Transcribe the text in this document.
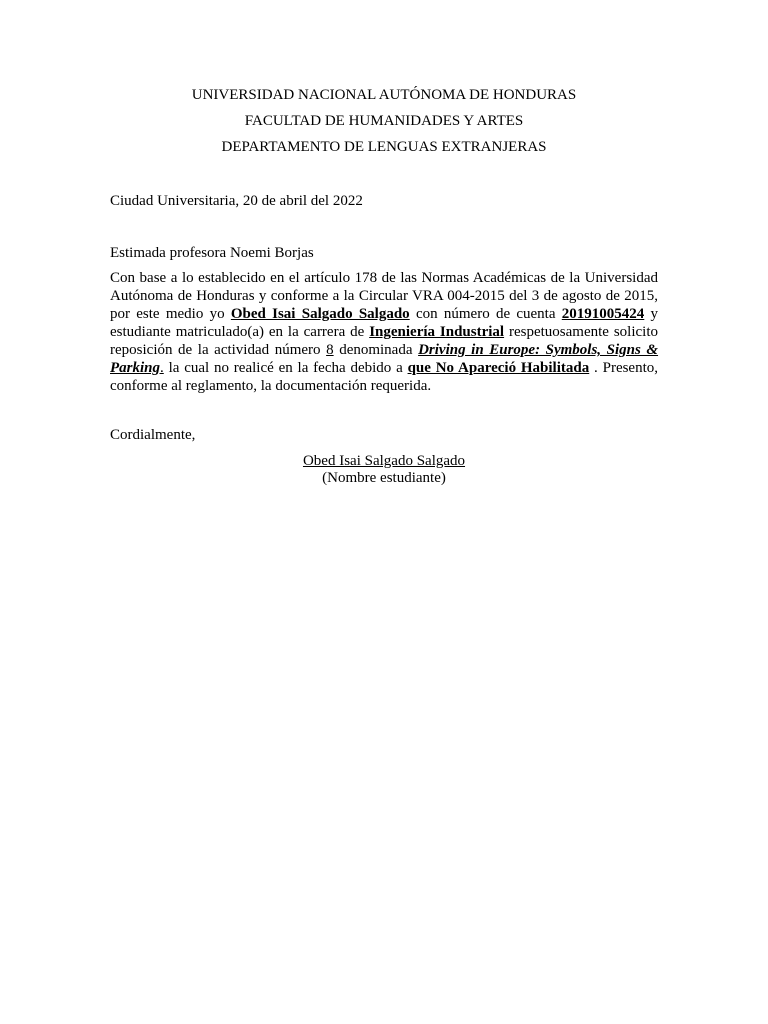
UNIVERSIDAD NACIONAL AUTÓNOMA DE HONDURAS
FACULTAD DE HUMANIDADES Y ARTES
DEPARTAMENTO DE LENGUAS EXTRANJERAS
Ciudad Universitaria, 20 de abril del 2022
Estimada profesora Noemi Borjas
Con base a lo establecido en el artículo 178 de las Normas Académicas de la Universidad
Autónoma de Honduras y conforme a la Circular VRA 004-2015 del 3 de agosto de 2015,
por este medio yo Obed Isai Salgado Salgado con número de cuenta 20191005424 y
estudiante matriculado(a) en la carrera de Ingeniería Industrial respetuosamente solicito
reposición de la actividad número 8 denominada Driving in Europe: Symbols, Signs &
Parking. la cual no realicé en la fecha debido a que No Apareció Habilitada . Presento,
conforme al reglamento, la documentación requerida.
Cordialmente,
Obed Isai Salgado Salgado
(Nombre estudiante)
